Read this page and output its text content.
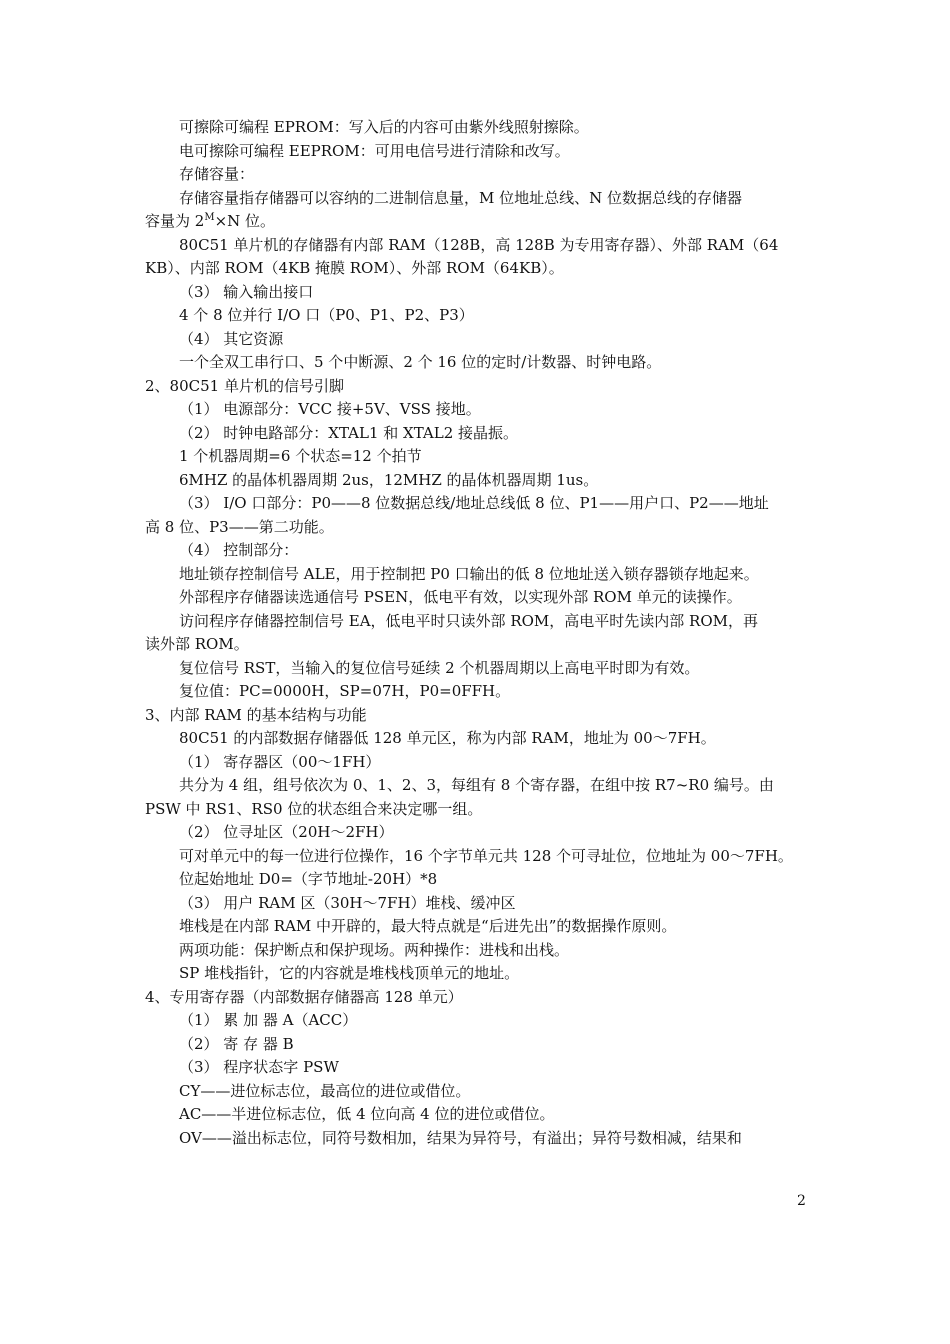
可擦除可编程 EPROM：写入后的内容可由紫外线照射擦除。
电可擦除可编程 EEPROM：可用电信号进行清除和改写。
存储容量：
存储容量指存储器可以容纳的二进制信息量，M 位地址总线、N 位数据总线的存储器
容量为 $2^M\times N$ 位。
80C51 单片机的存储器有内部 RAM（128B，高 128B 为专用寄存器）、外部 RAM（64
KB）、内部 ROM（4KB 掩膜 ROM）、外部 ROM（64KB）。
（3） 输入输出接口
4 个 8 位并行 I/O 口（P0、P1、P2、P3）
（4） 其它资源
一个全双工串行口、5 个中断源、2 个 16 位的定时/计数器、时钟电路。
2、80C51 单片机的信号引脚
（1） 电源部分：VCC 接+5V、VSS 接地。
（2） 时钟电路部分：XTAL1 和 XTAL2 接晶振。
1 个机器周期=6 个状态=12 个拍节
6MHZ 的晶体机器周期 2us，12MHZ 的晶体机器周期 1us。
（3） I/O 口部分：P0——8 位数据总线/地址总线低 8 位、P1——用户口、P2——地址
高 8 位、P3——第二功能。
（4） 控制部分：
地址锁存控制信号 ALE，用于控制把 P0 口输出的低 8 位地址送入锁存器锁存地起来。
外部程序存储器读选通信号 PSEN，低电平有效，以实现外部 ROM 单元的读操作。
访问程序存储器控制信号 EA，低电平时只读外部 ROM，高电平时先读内部 ROM，再
读外部 ROM。
复位信号 RST，当输入的复位信号延续 2 个机器周期以上高电平时即为有效。
复位值：PC=0000H，SP=07H，P0=0FFH。
3、内部 RAM 的基本结构与功能
80C51 的内部数据存储器低 128 单元区，称为内部 RAM，地址为 00～7FH。
（1） 寄存器区（00～1FH）
共分为 4 组，组号依次为 0、1、2、3，每组有 8 个寄存器，在组中按 R7~R0 编号。由
PSW 中 RS1、RS0 位的状态组合来决定哪一组。
（2） 位寻址区（20H～2FH）
可对单元中的每一位进行位操作，16 个字节单元共 128 个可寻址位，位地址为 00～7FH。
位起始地址 D0=（字节地址-20H）*8
（3） 用户 RAM 区（30H～7FH）堆栈、缓冲区
堆栈是在内部 RAM 中开辟的，最大特点就是“后进先出”的数据操作原则。
两项功能：保护断点和保护现场。两种操作：进栈和出栈。
SP 堆栈指针，它的内容就是堆栈栈顶单元的地址。
4、专用寄存器（内部数据存储器高 128 单元）
（1） 累 加 器 A（ACC）
（2） 寄 存 器 B
（3） 程序状态字 PSW
CY——进位标志位，最高位的进位或借位。
AC——半进位标志位，低 4 位向高 4 位的进位或借位。
OV——溢出标志位，同符号数相加，结果为异符号，有溢出；异符号数相减，结果和
2
